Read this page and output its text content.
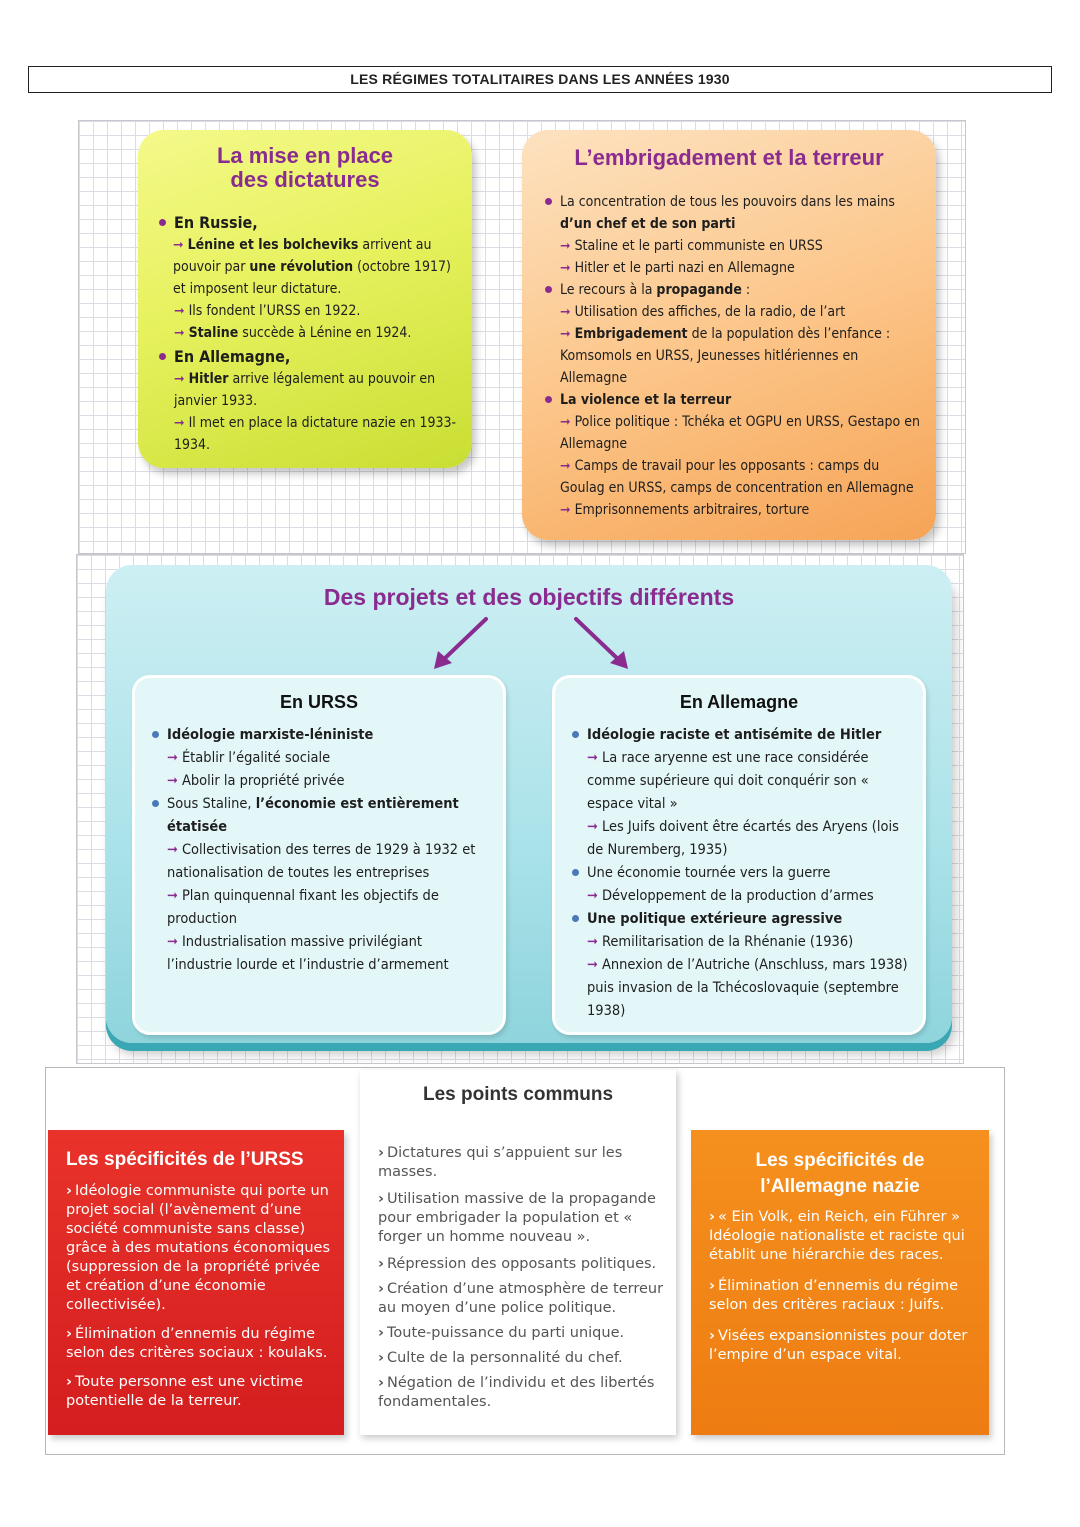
LES RÉGIMES TOTALITAIRES DANS LES ANNÉES 1930
La mise en place des dictatures

En Russie,

➞ Lénine et les bolcheviks arrivent au pouvoir par une révolution (octobre 1917) et imposent leur dictature.

➞ Ils fondent l’URSS en 1922.

➞ Staline succède à Lénine en 1924.

En Allemagne,

➞ Hitler arrive légalement au pouvoir en janvier 1933.

➞ Il met en place la dictature nazie en 1933-1934.

L’embrigadement et la terreur

La concentration de tous les pouvoirs dans les mains d’un chef et de son parti

➞ Staline et le parti communiste en URSS

➞ Hitler et le parti nazi en Allemagne

Le recours à la propagande :

➞ Utilisation des affiches, de la radio, de l’art

➞ Embrigadement de la population dès l’enfance : Komsomols en URSS, Jeunesses hitlériennes en Allemagne

La violence et la terreur

➞ Police politique : Tchéka et OGPU en URSS, Gestapo en Allemagne

➞ Camps de travail pour les opposants : camps du Goulag en URSS, camps de concentration en Allemagne

➞ Emprisonnements arbitraires, torture

Des projets et des objectifs différents
En URSS

Idéologie marxiste-léniniste

➞ Établir l’égalité sociale

➞ Abolir la propriété privée

Sous Staline, l’économie est entièrement étatisée

➞ Collectivisation des terres de 1929 à 1932 et nationalisation de toutes les entreprises

➞ Plan quinquennal fixant les objectifs de production

➞ Industrialisation massive privilégiant l’industrie lourde et l’industrie d’armement

En Allemagne

Idéologie raciste et antisémite de Hitler

➞ La race aryenne est une race considérée comme supérieure qui doit conquérir son « espace vital »

➞ Les Juifs doivent être écartés des Aryens (lois de Nuremberg, 1935)

Une économie tournée vers la guerre

➞ Développement de la production d’armes

Une politique extérieure agressive

➞ Remilitarisation de la Rhénanie (1936)

➞ Annexion de l’Autriche (Anschluss, mars 1938) puis invasion de la Tchécoslovaquie (septembre 1938)

Les spécificités de l’URSS

› Idéologie communiste qui porte un projet social (l’avènement d’une société communiste sans classe) grâce à des mutations économiques (suppression de la propriété privée et création d’une économie collectivisée).

› Élimination d’ennemis du régime selon des critères sociaux : koulaks.

› Toute personne est une victime potentielle de la terreur.

Les points communs

› Dictatures qui s’appuient sur les masses.

› Utilisation massive de la propagande pour embrigader la population et « forger un homme nouveau ».

› Répression des opposants politiques.

› Création d’une atmosphère de terreur au moyen d’une police politique.

› Toute-puissance du parti unique.

› Culte de la personnalité du chef.

› Négation de l’individu et des libertés fondamentales.

Les spécificités de l’Allemagne nazie

› « Ein Volk, ein Reich, ein Führer » Idéologie nationaliste et raciste qui établit une hiérarchie des races.

› Élimination d’ennemis du régime selon des critères raciaux : Juifs.

› Visées expansionnistes pour doter l’empire d’un espace vital.
